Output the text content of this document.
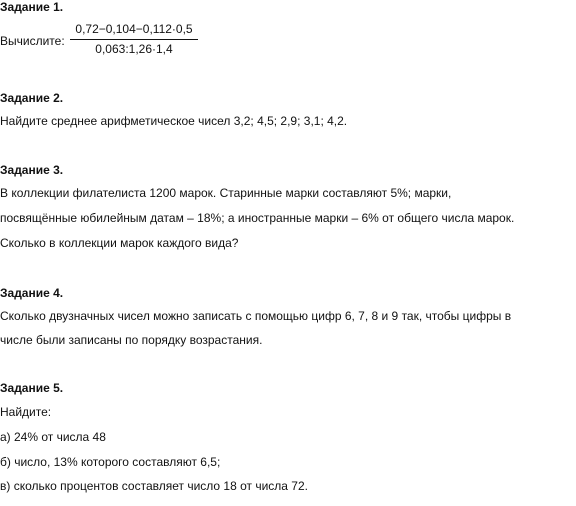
Задание 1.
Вычислите:
0,72−0,104−0,112·0,5
0,063:1,26·1,4
Задание 2.
Найдите среднее арифметическое чисел 3,2; 4,5; 2,9; 3,1; 4,2.
Задание 3.
В коллекции филателиста 1200 марок. Старинные марки составляют 5%; марки,
посвящённые юбилейным датам – 18%; а иностранные марки – 6% от общего числа марок.
Сколько в коллекции марок каждого вида?
Задание 4.
Сколько двузначных чисел можно записать с помощью цифр 6, 7, 8 и 9 так, чтобы цифры в
числе были записаны по порядку возрастания.
Задание 5.
Найдите:
а) 24% от числа 48
б) число, 13% которого составляют 6,5;
в) сколько процентов составляет число 18 от числа 72.
